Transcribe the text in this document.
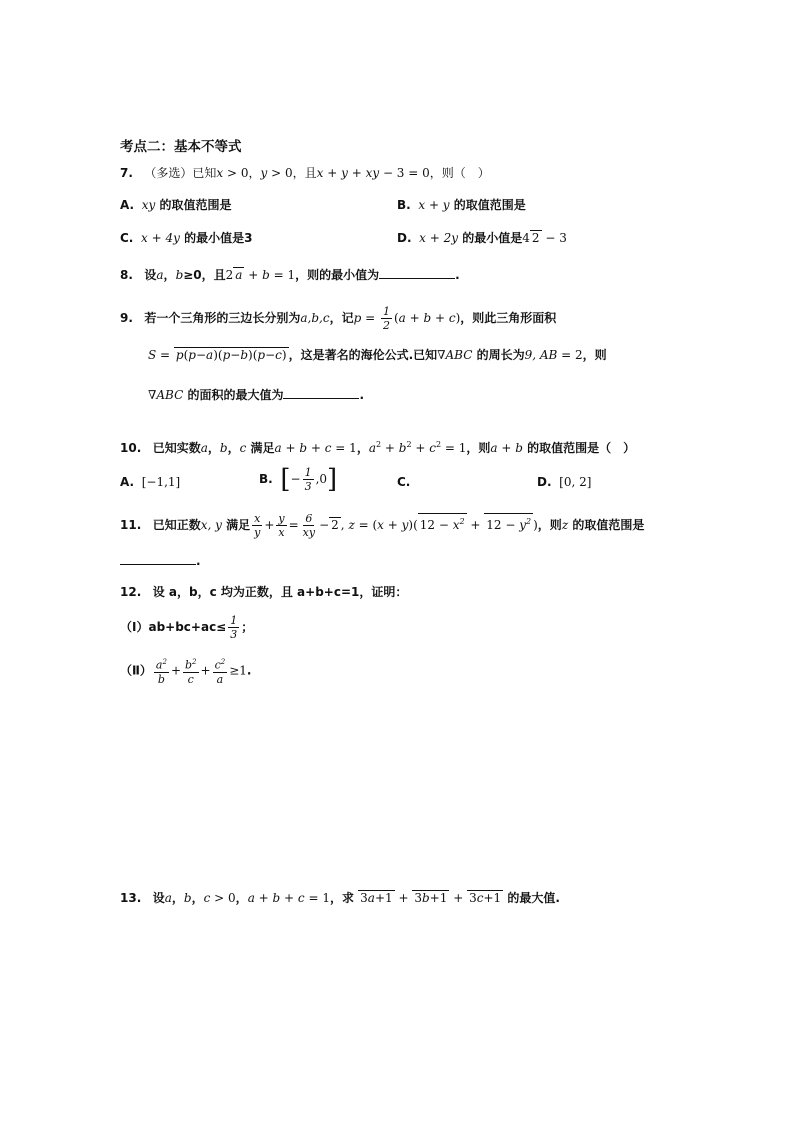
考点二：基本不等式
7. （多选）已知x > 0，y > 0，且x + y + xy − 3 = 0，则（　）
A. xy 的取值范围是	B. x + y 的取值范围是
C. x + 4y 的最小值是3	D. x + 2y 的最小值是4 2 − 3
8. 设a，b≥0，且2 a + b = 1，则的最小值为	.
9. 若一个三角形的三边长分别为a,b,c，记$p = \frac{1}{2} (a + b + c)$，则此三角形面积
S = p(p−a)(p−b)(p−c) ，这是著名的海伦公式.已知∇ABC 的周长为9, AB = 2，则
∇ABC 的面积的最大值为	.
10. 已知实数a，b，c 满足a + b + c = 1，$a^2 + b^2 + c^2 = 1$，则a + b 的取值范围是（　）
A. [−1,1]	B. [− $\frac{1}{3} ,0$]	C.	D. [0, 2]
11. 已知正数x, y 满足 $\frac{x}{y} + \frac{y}{x} = \frac{6}{xy} - 2$ , z = (x + y)( $12 - x^2 + 12 - y^2$ )，则z 的取值范围是
.
12. 设 a，b，c 均为正数，且 a+b+c=1，证明：
（Ⅰ）ab+bc+ac≤ $\frac{1}{3}$ ；
（Ⅱ） $\frac{a^2}{b} + \frac{b^2}{c} + \frac{c^2}{a} \ge 1$.
13. 设a，b，c > 0，a + b + c = 1，求 3a+1 + 3b+1 + 3c+1 的最大值.
